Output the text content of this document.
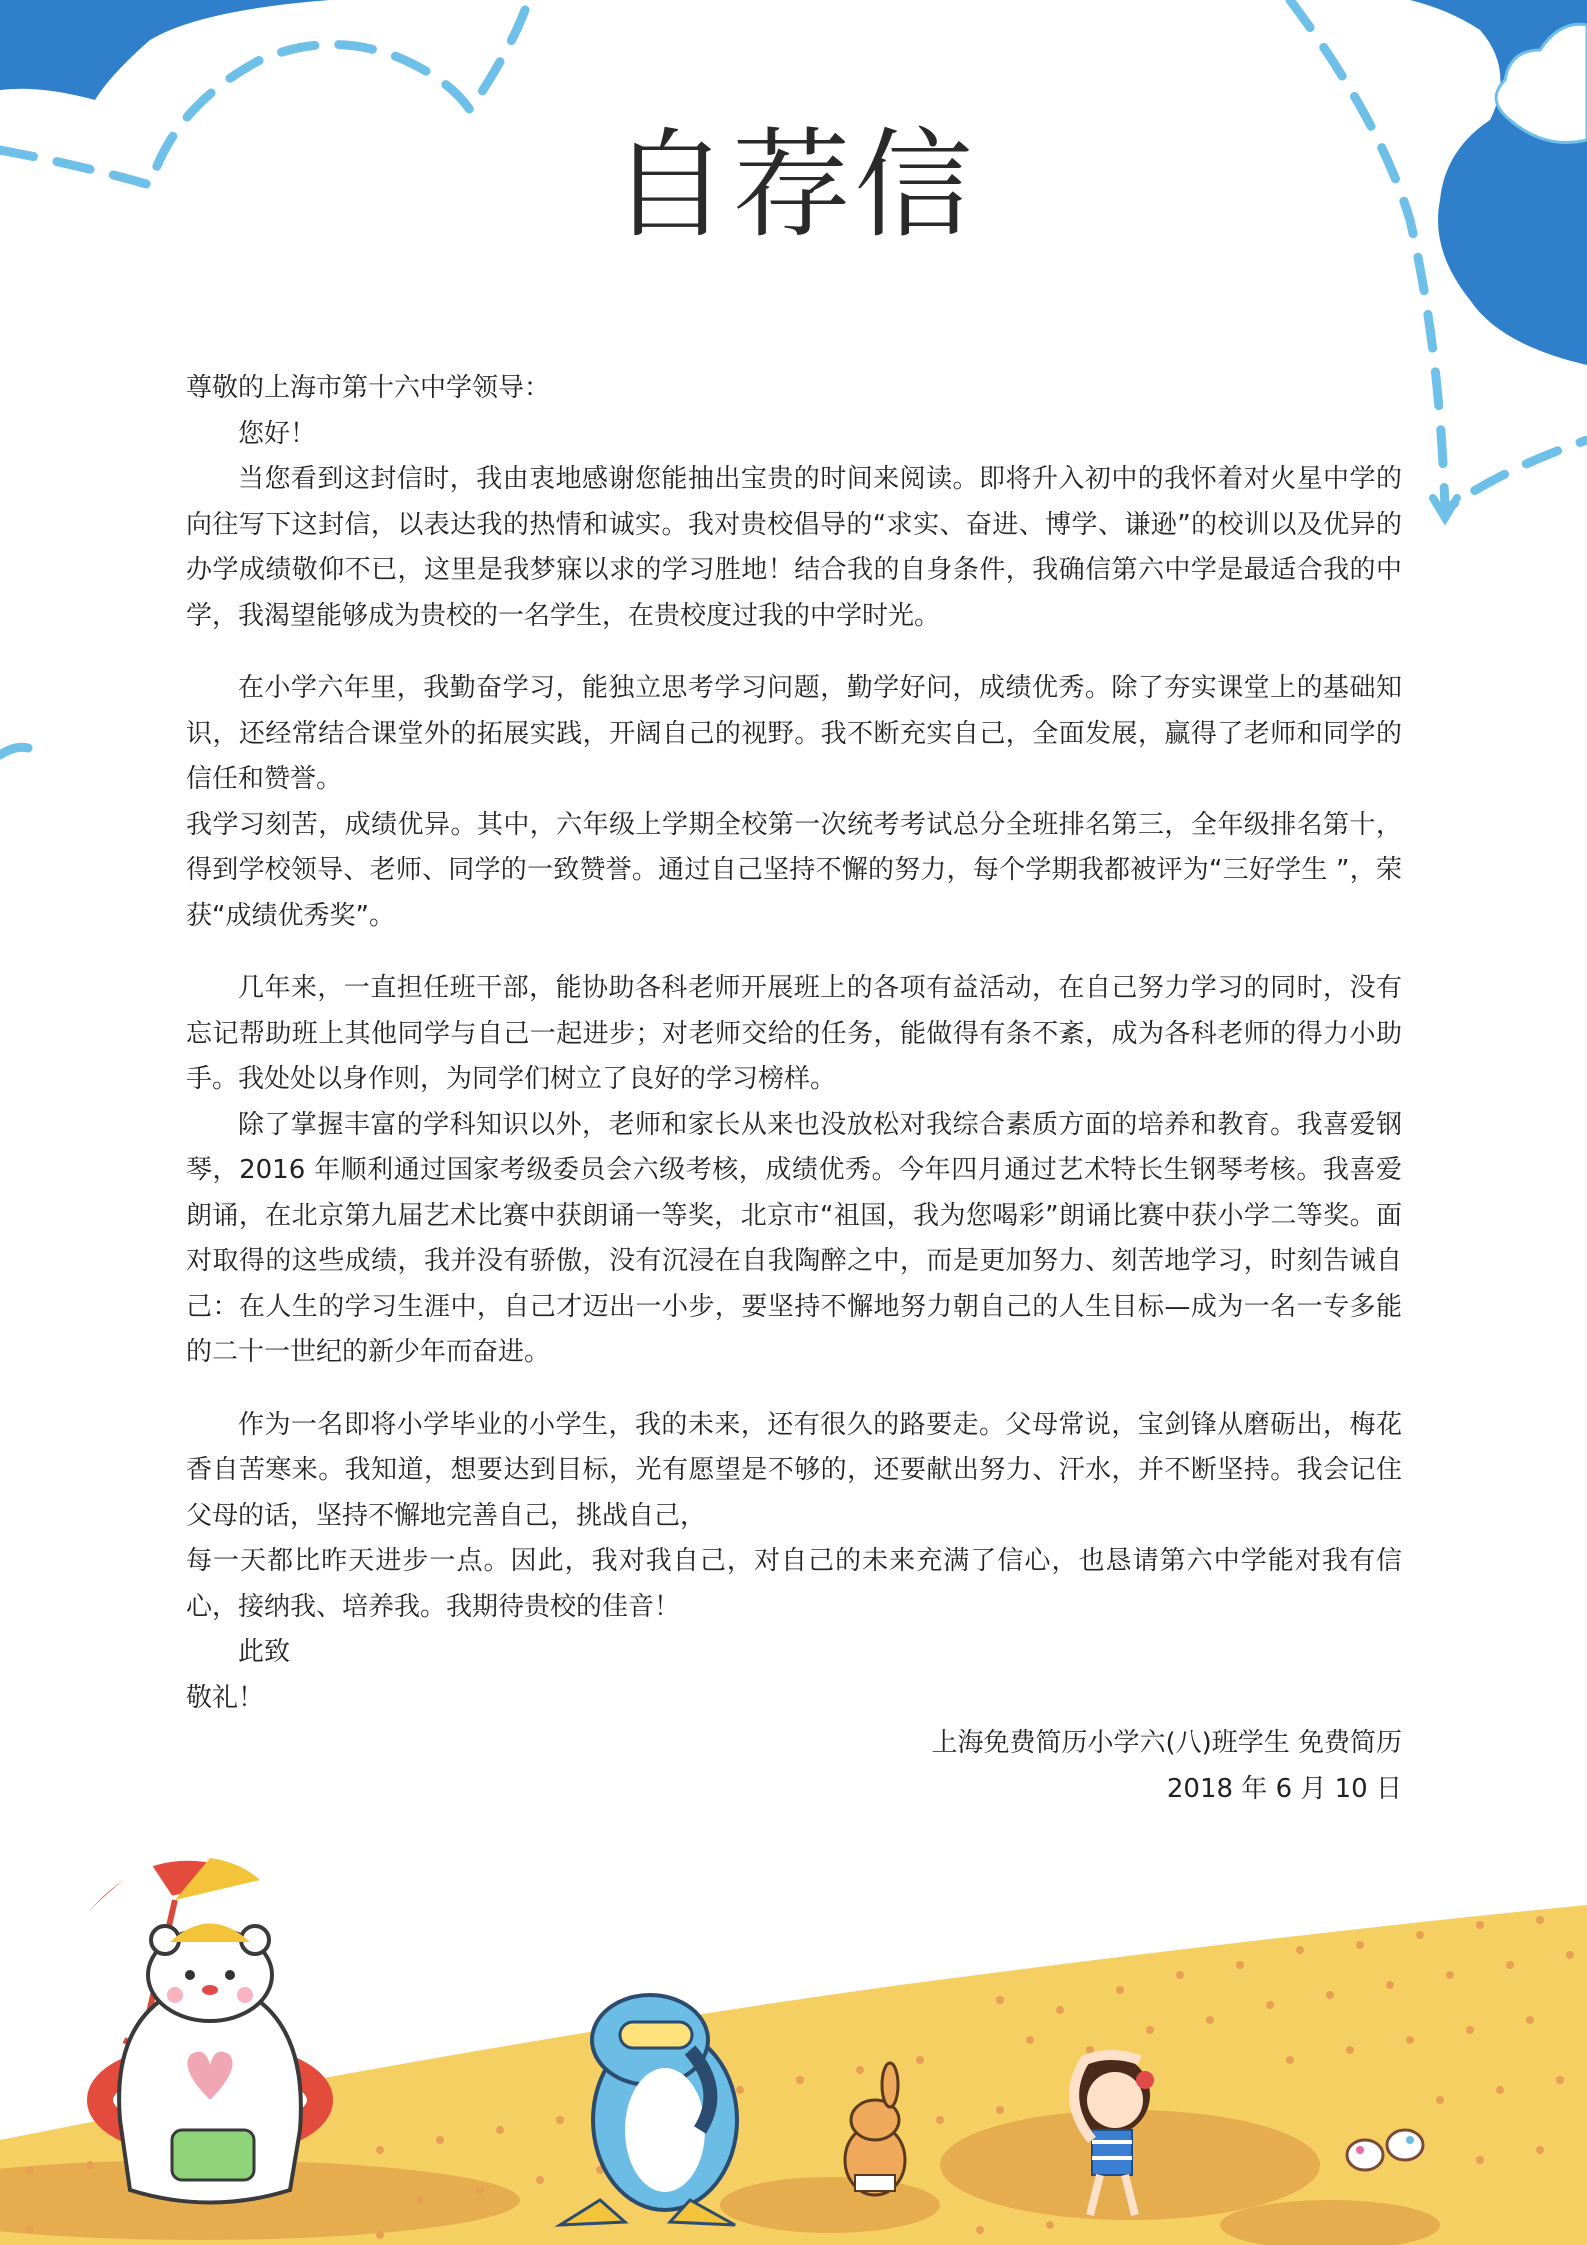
自荐信

尊敬的上海市第十六中学领导：

您好！

当您看到这封信时，我由衷地感谢您能抽出宝贵的时间来阅读。即将升入初中的我怀着对火星中学的向往写下这封信，以表达我的热情和诚实。我对贵校倡导的“求实、奋进、博学、谦逊”的校训以及优异的办学成绩敬仰不已，这里是我梦寐以求的学习胜地！结合我的自身条件，我确信第六中学是最适合我的中学，我渴望能够成为贵校的一名学生，在贵校度过我的中学时光。

在小学六年里，我勤奋学习，能独立思考学习问题，勤学好问，成绩优秀。除了夯实课堂上的基础知识，还经常结合课堂外的拓展实践，开阔自己的视野。我不断充实自己，全面发展，赢得了老师和同学的信任和赞誉。

我学习刻苦，成绩优异。其中，六年级上学期全校第一次统考考试总分全班排名第三，全年级排名第十，得到学校领导、老师、同学的一致赞誉。通过自己坚持不懈的努力，每个学期我都被评为“三好学生 ”，荣获“成绩优秀奖”。

几年来，一直担任班干部，能协助各科老师开展班上的各项有益活动，在自己努力学习的同时，没有忘记帮助班上其他同学与自己一起进步；对老师交给的任务，能做得有条不紊，成为各科老师的得力小助手。我处处以身作则，为同学们树立了良好的学习榜样。

除了掌握丰富的学科知识以外，老师和家长从来也没放松对我综合素质方面的培养和教育。我喜爱钢琴，2016 年顺利通过国家考级委员会六级考核，成绩优秀。今年四月通过艺术特长生钢琴考核。我喜爱朗诵，在北京第九届艺术比赛中获朗诵一等奖，北京市“祖国，我为您喝彩”朗诵比赛中获小学二等奖。面对取得的这些成绩，我并没有骄傲，没有沉浸在自我陶醉之中，而是更加努力、刻苦地学习，时刻告诫自己：在人生的学习生涯中，自己才迈出一小步，要坚持不懈地努力朝自己的人生目标—成为一名一专多能的二十一世纪的新少年而奋进。

作为一名即将小学毕业的小学生，我的未来，还有很久的路要走。父母常说，宝剑锋从磨砺出，梅花香自苦寒来。我知道，想要达到目标，光有愿望是不够的，还要献出努力、汗水，并不断坚持。我会记住父母的话，坚持不懈地完善自己，挑战自己，

每一天都比昨天进步一点。因此，我对我自己，对自己的未来充满了信心，也恳请第六中学能对我有信心，接纳我、培养我。我期待贵校的佳音！

此致

敬礼！

上海免费简历小学六(八)班学生 免费简历

2018 年 6 月 10 日
